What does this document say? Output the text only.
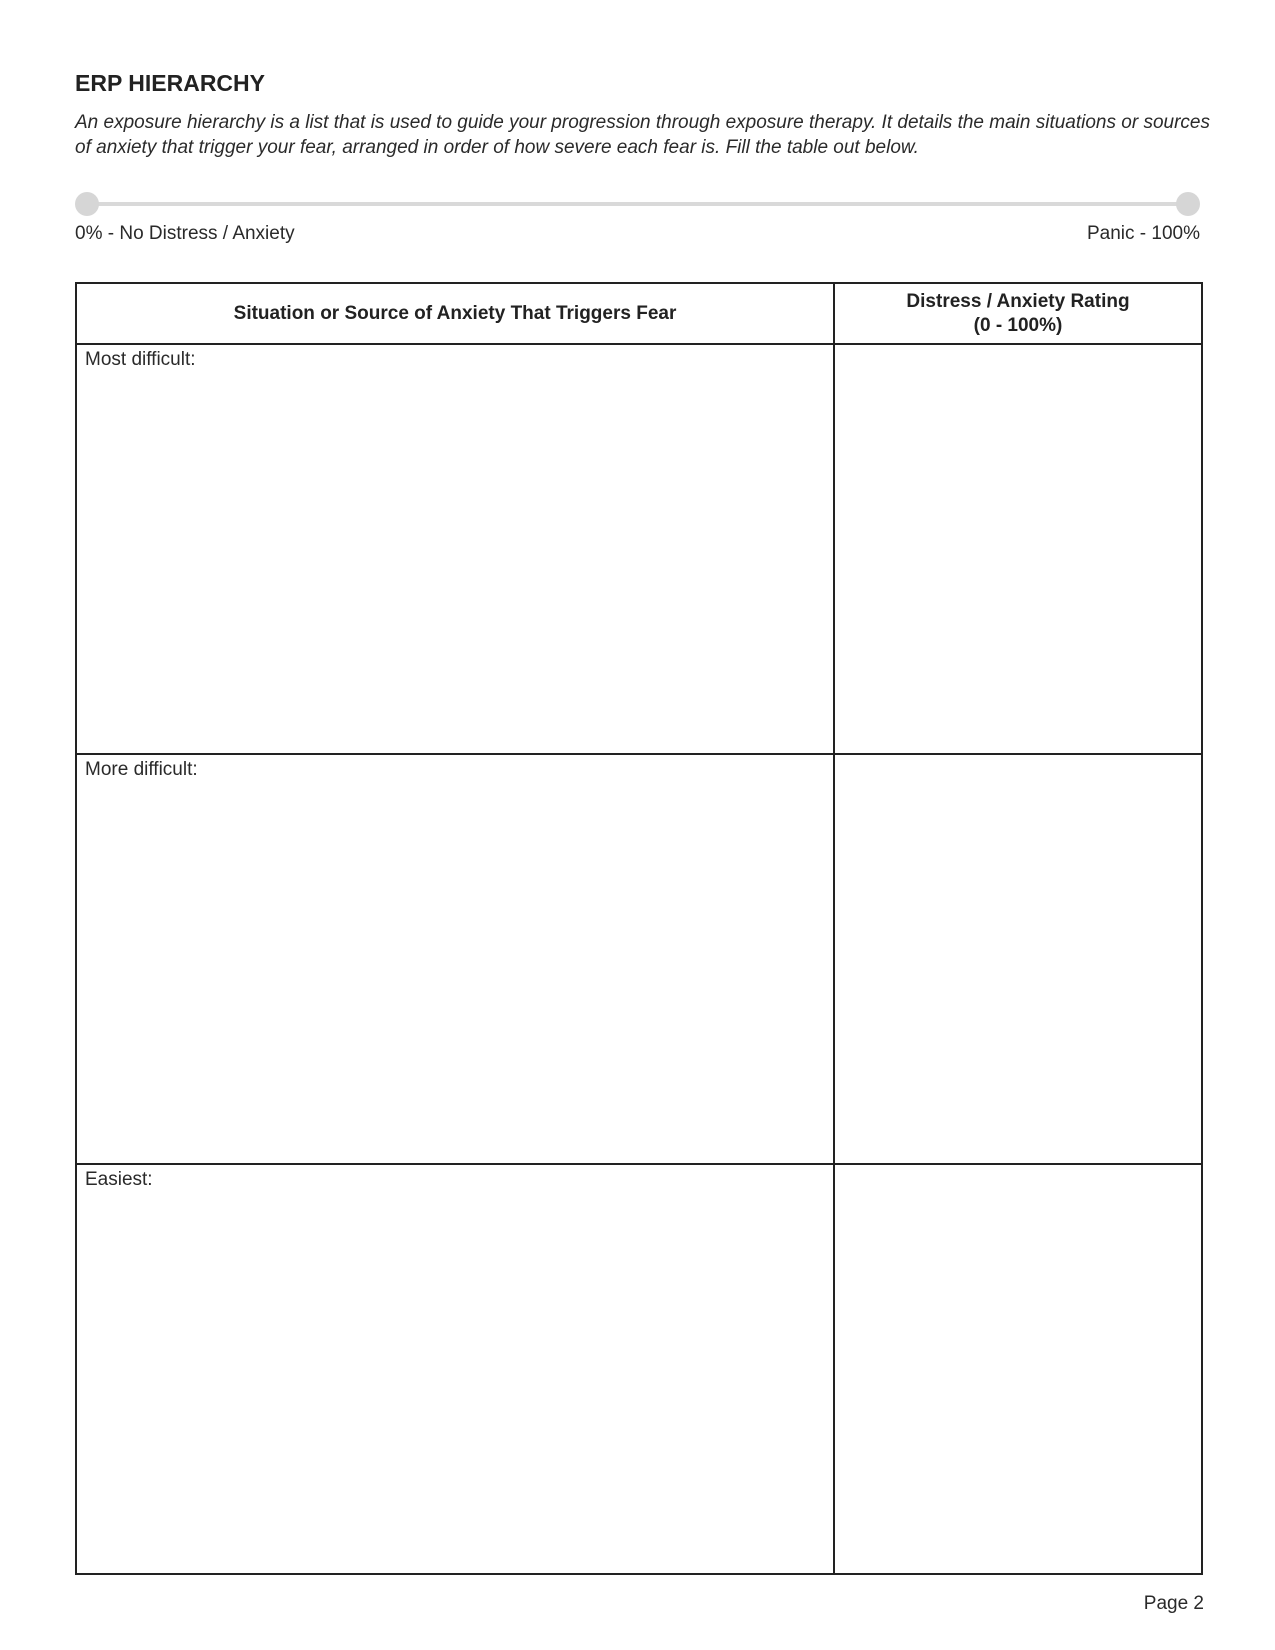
ERP HIERARCHY

An exposure hierarchy is a list that is used to guide your progression through exposure therapy. It details the main situations or sources of anxiety that trigger your fear, arranged in order of how severe each fear is. Fill the table out below.

0% - No Distress / Anxiety	Panic - 100%
Situation or Source of Anxiety That Triggers Fear	Distress / Anxiety Rating
(0 - 100%)

Most difficult:	

More difficult:	

Easiest:	

Page 2
